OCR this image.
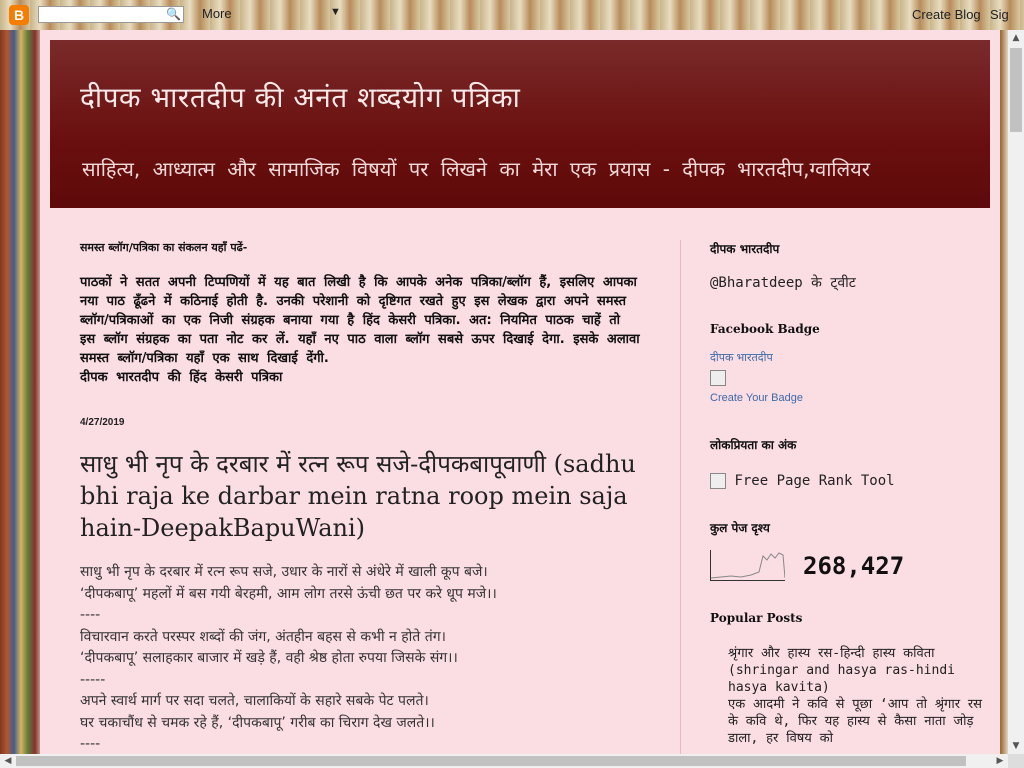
B	🔍 More	▼	Create Blog Sig
दीपक भारतदीप की अनंत शब्दयोग पत्रिका
साहित्य, आध्यात्म और सामाजिक विषयों पर लिखने का मेरा एक प्रयास - दीपक भारतदीप,ग्वालियर
समस्त ब्लॉग/पत्रिका का संकलन यहाँ पढें-
पाठकों ने सतत अपनी टिप्पणियों में यह बात लिखी है कि आपके अनेक पत्रिका/ब्लॉग हैं, इसलिए आपका नया पाठ ढूँढने में कठिनाई होती है. उनकी परेशानी को दृष्टिगत रखते हुए इस लेखक द्वारा अपने समस्त ब्लॉग/पत्रिकाओं का एक निजी संग्रहक बनाया गया है हिंद केसरी पत्रिका. अत: नियमित पाठक चाहें तो इस ब्लॉग संग्रहक का पता नोट कर लें. यहाँ नए पाठ वाला ब्लॉग सबसे ऊपर दिखाई देगा. इसके अलावा समस्त ब्लॉग/पत्रिका यहाँ एक साथ दिखाई देंगी.
दीपक भारतदीप की हिंद केसरी पत्रिका
4/27/2019
साधु भी नृप के दरबार में रत्न रूप सजे-दीपकबापूवाणी (sadhu bhi raja ke darbar mein ratna roop mein saja hain-DeepakBapuWani)
साधु भी नृप के दरबार में रत्न रूप सजे, उधार के नारों से अंधेरे में खाली कूप बजे।
‘दीपकबापू’ महलों में बस गयी बेरहमी, आम लोग तरसे ऊंची छत पर करे धूप मजे।।
----
विचारवान करते परस्पर शब्दों की जंग, अंतहीन बहस से कभी न होते तंग।
‘दीपकबापू’ सलाहकार बाजार में खड़े हैं, वही श्रेष्ठ होता रुपया जिसके संग।।
-----
अपने स्वार्थ मार्ग पर सदा चलते, चालाकियों के सहारे सबके पेट पलते।
घर चकाचौंध से चमक रहे हैं, ‘दीपकबापू’ गरीब का चिराग देख जलते।।
----
दीपक भारतदीप
@Bharatdeep के ट्वीट
Facebook Badge
दीपक भारतदीप
Create Your Badge
लोकप्रियता का अंक
Free Page Rank Tool
कुल पेज दृश्य
268,427
Popular Posts
श्रृंगार और हास्य रस-हिन्दी हास्य कविता (shringar and hasya ras-hindi hasya kavita)
एक आदमी ने कवि से पूछा ‘आप तो श्रृंगार रस के कवि थे, फिर यह हास्य से कैसा नाता जोड़ डाला, हर विषय को
▲
▼
◀	▶
